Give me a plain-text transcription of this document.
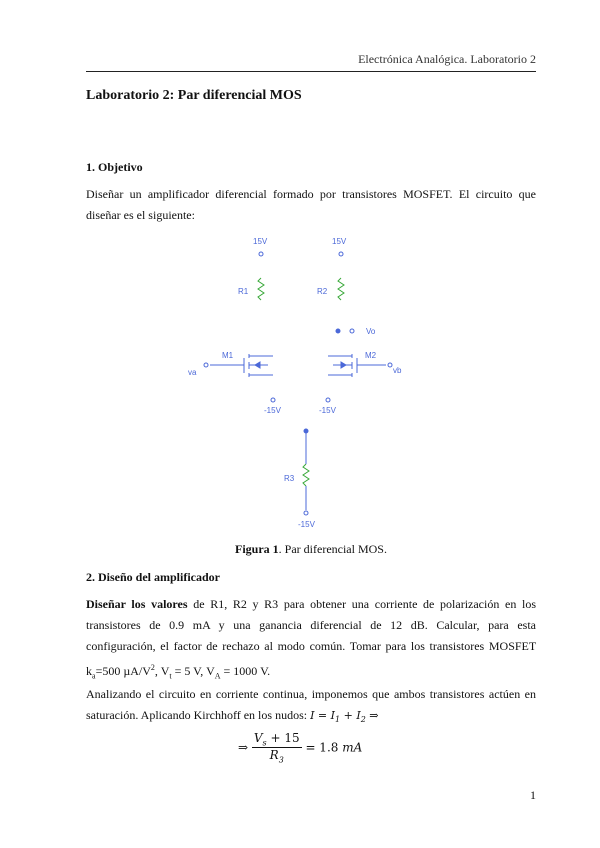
Electrónica Analógica. Laboratorio 2
Laboratorio 2: Par diferencial MOS
1. Objetivo
Diseñar un amplificador diferencial formado por transistores MOSFET. El circuito que diseñar es el siguiente:
15V	15V
R1	R2
Vo
M1	M2
va	vb
-15V	-15V
R3
-15V
Figura 1. Par diferencial MOS.
2. Diseño del amplificador
Diseñar los valores de R1, R2 y R3 para obtener una corriente de polarización en los transistores de 0.9 mA y una ganancia diferencial de 12 dB. Calcular, para esta configuración, el factor de rechazo al modo común. Tomar para los transistores MOSFET $k_a=500$ $\mu A/V^2$, $V_t = 5$ V, $V_A = 1000$ V.
Analizando el circuito en corriente continua, imponemos que ambos transistores actúen en saturación. Aplicando Kirchhoff en los nudos: $I = I_1 + I_2$ ⇒
⇒ $\frac{V_s + 15}{R_3} = 1.8$ mA
1
